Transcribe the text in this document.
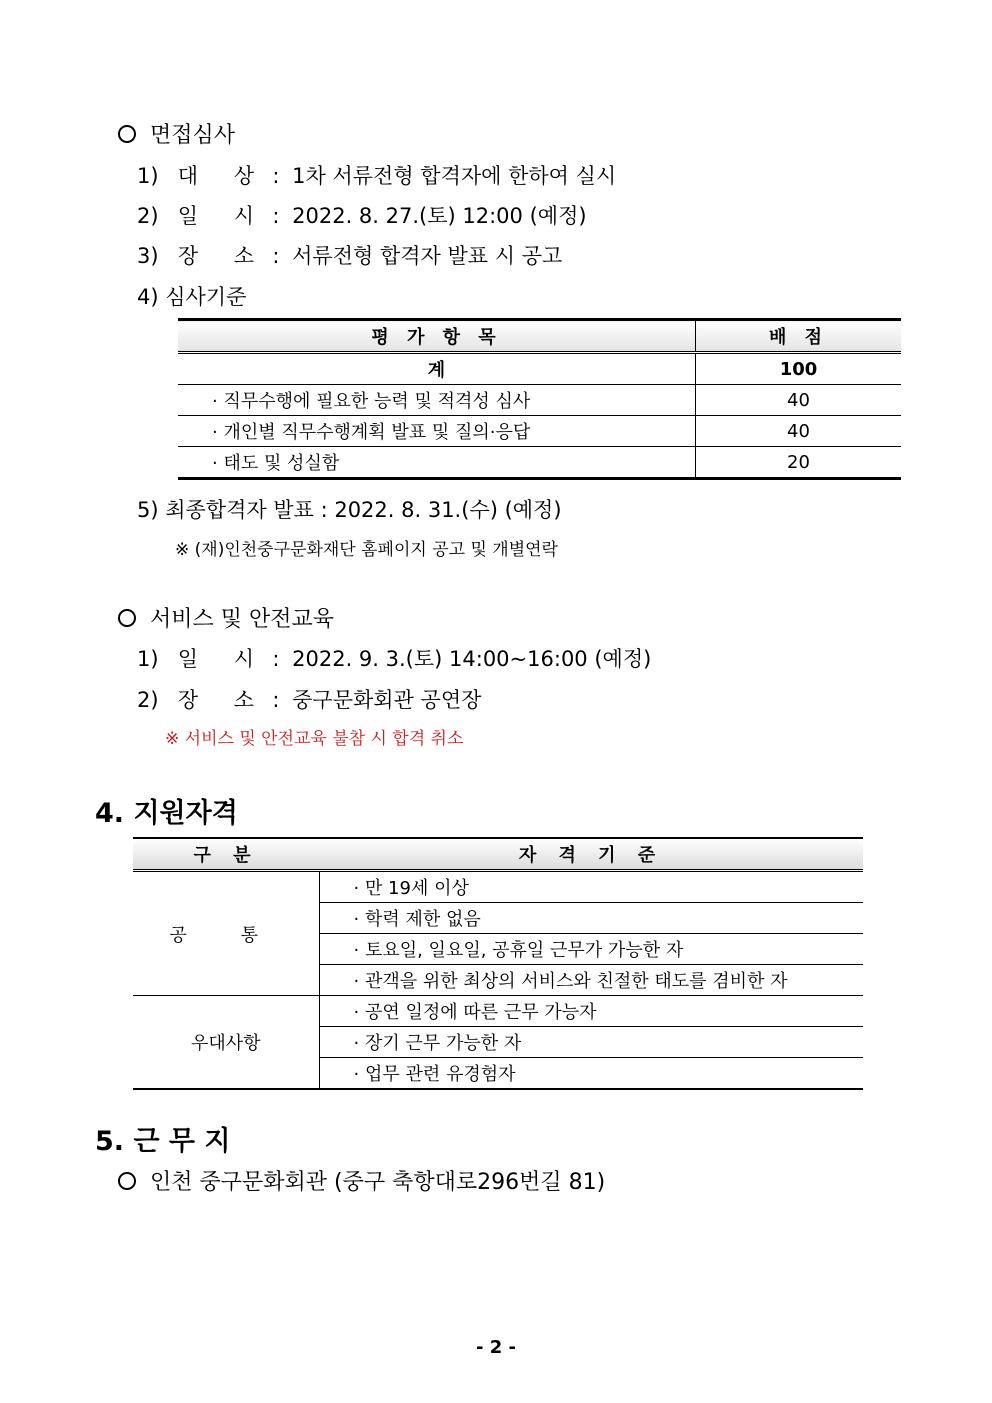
면접심사
1) 대 상 : 1차 서류전형 합격자에 한하여 실시
2) 일 시 : 2022. 8. 27.(토) 12:00 (예정)
3) 장 소 : 서류전형 합격자 발표 시 공고
4) 심사기준
평 가 항 목	배 점
계	100
· 직무수행에 필요한 능력 및 적격성 심사	40
· 개인별 직무수행계획 발표 및 질의·응답	40
· 태도 및 성실함	20
5) 최종합격자 발표 : 2022. 8. 31.(수) (예정)
※ (재)인천중구문화재단 홈페이지 공고 및 개별연락
서비스 및 안전교육
1) 일 시 : 2022. 9. 3.(토) 14:00~16:00 (예정)
2) 장 소 : 중구문화회관 공연장
※ 서비스 및 안전교육 불참 시 합격 취소
4. 지원자격
구 분	자 격 기 준
공 통	· 만 19세 이상
	· 학력 제한 없음
	· 토요일, 일요일, 공휴일 근무가 가능한 자
	· 관객을 위한 최상의 서비스와 친절한 태도를 겸비한 자
우대사항	· 공연 일정에 따른 근무 가능자
	· 장기 근무 가능한 자
	· 업무 관련 유경험자
5. 근 무 지
인천 중구문화회관 (중구 축항대로296번길 81)
- 2 -
